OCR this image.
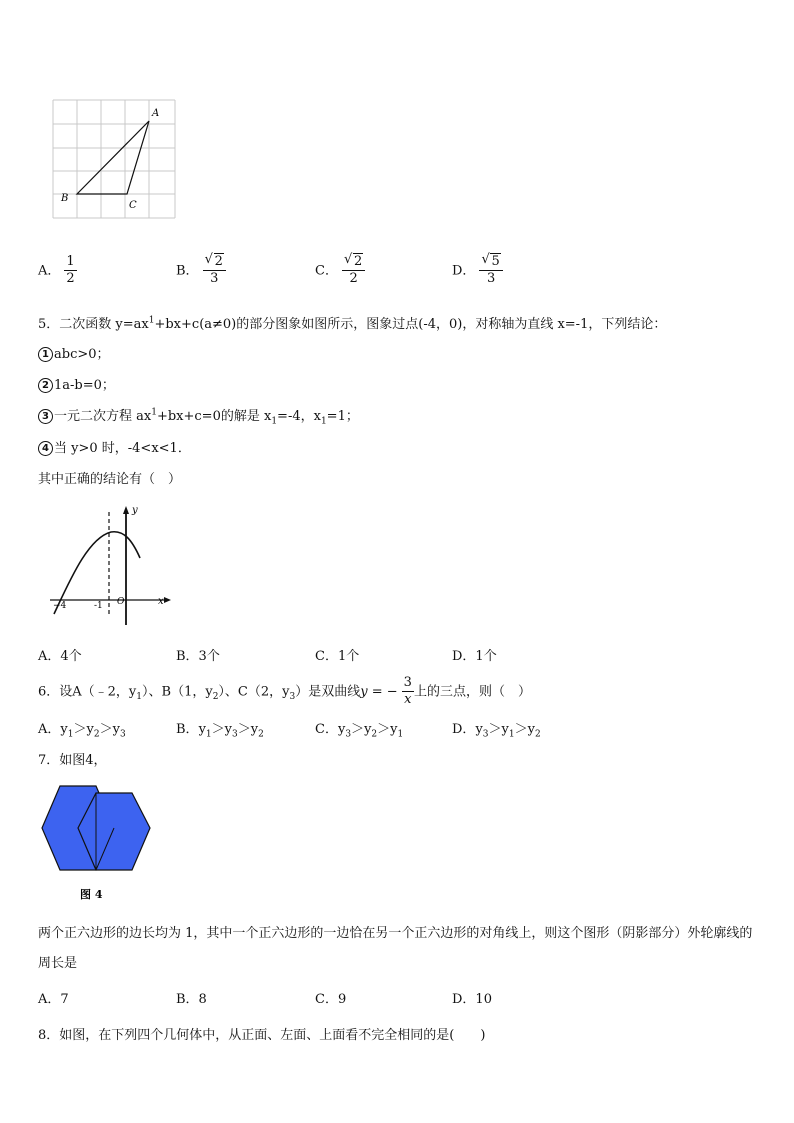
A
B
C
A． $\frac{1}{2}$	B． $\frac{√ 2}{3}$	C． $\frac{√ 2}{2}$	D． $\frac{√ 5}{3}$
5．二次函数 $y=ax^1+bx+c(a\ne 0)$的部分图象如图所示，图象过点(-4，0)，对称轴为直线 x=-1，下列结论：
1 abc>0；
2 1a-b=0；
3 一元二次方程 $ax^1+bx+c=0$的解是 $x_1=-4$，$x_1=1$；
4 当 y>0 时，-4<x<1．
其中正确的结论有（　）
y
x
−4	-1 O
A．4个	B．3个	C．1个	D．1个
6．设A（﹣2，$y_1$）、B（1，$y_2$）、C（2，$y_3$）是双曲线y = − $\frac{3}{x}$ 上的三点，则（　）
A．$y_1>y_2>y_3$	B．$y_1>y_3>y_2$	C．$y_3>y_2>y_1$	D．$y_3>y_1>y_2$
7．如图4，
图 4
两个正六边形的边长均为 1，其中一个正六边形的一边恰在另一个正六边形的对角线上，则这个图形（阴影部分）外轮廓线的周长是
A．7	B．8	C．9	D．10
8．如图，在下列四个几何体中，从正面、左面、上面看不完全相同的是(　　)
